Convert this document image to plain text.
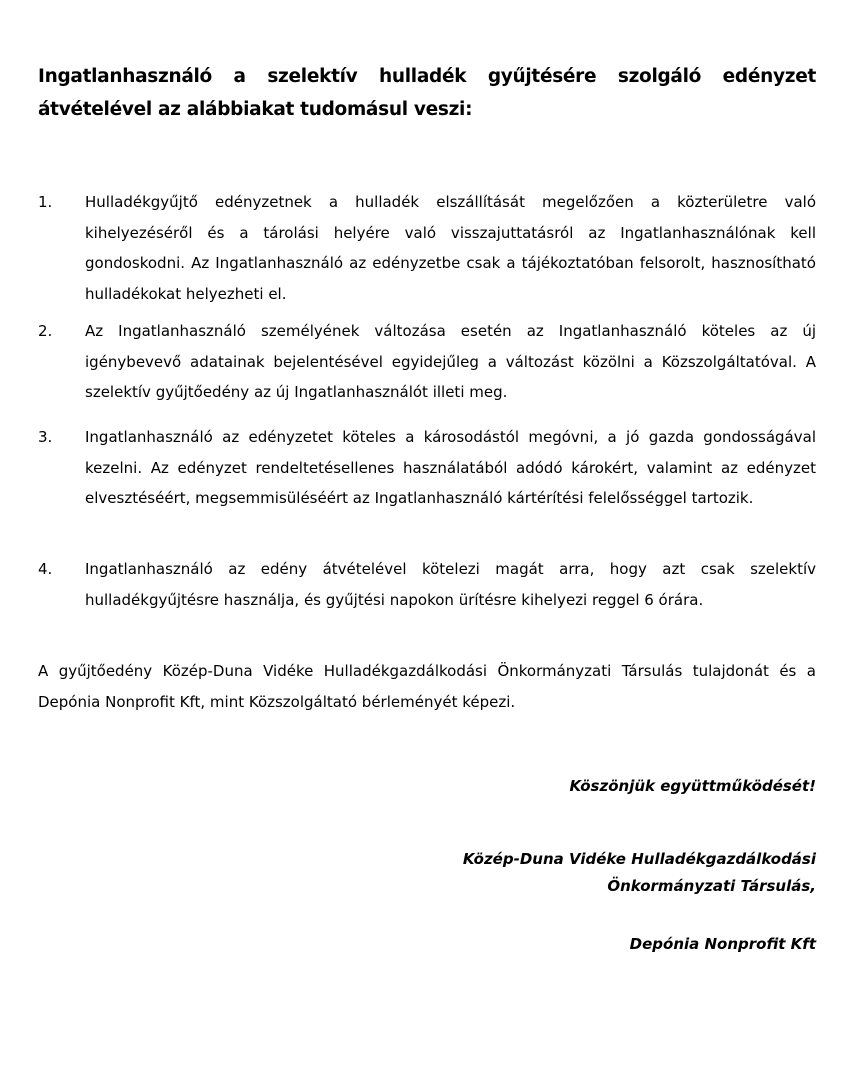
Ingatlanhasználó a szelektív hulladék gyűjtésére szolgáló edényzet átvételével az alábbiakat tudomásul veszi:
1.	Hulladékgyűjtő edényzetnek a hulladék elszállítását megelőzően a közterületre való kihelyezéséről és a tárolási helyére való visszajuttatásról az Ingatlanhasználónak kell gondoskodni. Az Ingatlanhasználó az edényzetbe csak a tájékoztatóban felsorolt, hasznosítható hulladékokat helyezheti el.
2.	Az Ingatlanhasználó személyének változása esetén az Ingatlanhasználó köteles az új igénybevevő adatainak bejelentésével egyidejűleg a változást közölni a Közszolgáltatóval. A szelektív gyűjtőedény az új Ingatlanhasználót illeti meg.
3.	Ingatlanhasználó az edényzetet köteles a károsodástól megóvni, a jó gazda gondosságával kezelni. Az edényzet rendeltetésellenes használatából adódó károkért, valamint az edényzet elvesztéséért, megsemmisüléséért az Ingatlanhasználó kártérítési felelősséggel tartozik.
4.	Ingatlanhasználó az edény átvételével kötelezi magát arra, hogy azt csak szelektív hulladékgyűjtésre használja, és gyűjtési napokon ürítésre kihelyezi reggel 6 órára.
A gyűjtőedény Közép-Duna Vidéke Hulladékgazdálkodási Önkormányzati Társulás tulajdonát és a Depónia Nonprofit Kft, mint Közszolgáltató bérleményét képezi.
Köszönjük együttműködését!
Közép-Duna Vidéke Hulladékgazdálkodási
Önkormányzati Társulás,
Depónia Nonprofit Kft
